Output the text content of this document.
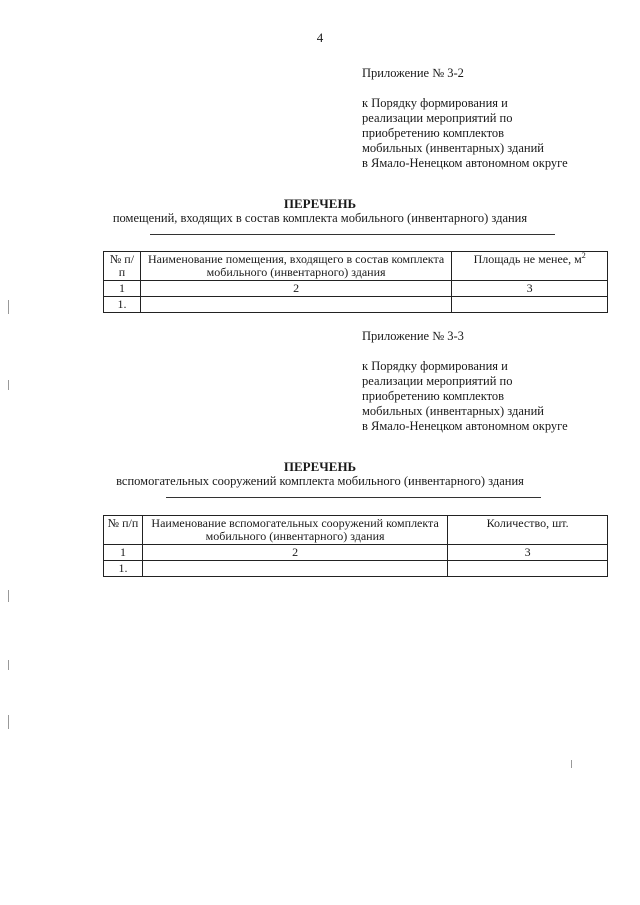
4
Приложение № 3-2
к Порядку формирования и
реализации мероприятий по
приобретению комплектов
мобильных (инвентарных) зданий
в Ямало-Ненецком автономном округе
ПЕРЕЧЕНЬ
помещений, входящих в состав комплекта мобильного (инвентарного) здания
№ п/п	Наименование помещения, входящего в состав комплекта мобильного (инвентарного) здания	Площадь не менее, $м^2$
1	2	3
1.		
Приложение № 3-3
к Порядку формирования и
реализации мероприятий по
приобретению комплектов
мобильных (инвентарных) зданий
в Ямало-Ненецком автономном округе
ПЕРЕЧЕНЬ
вспомогательных сооружений комплекта мобильного (инвентарного) здания
№ п/п	Наименование вспомогательных сооружений комплекта мобильного (инвентарного) здания	Количество, шт.
1	2	3
1.		
